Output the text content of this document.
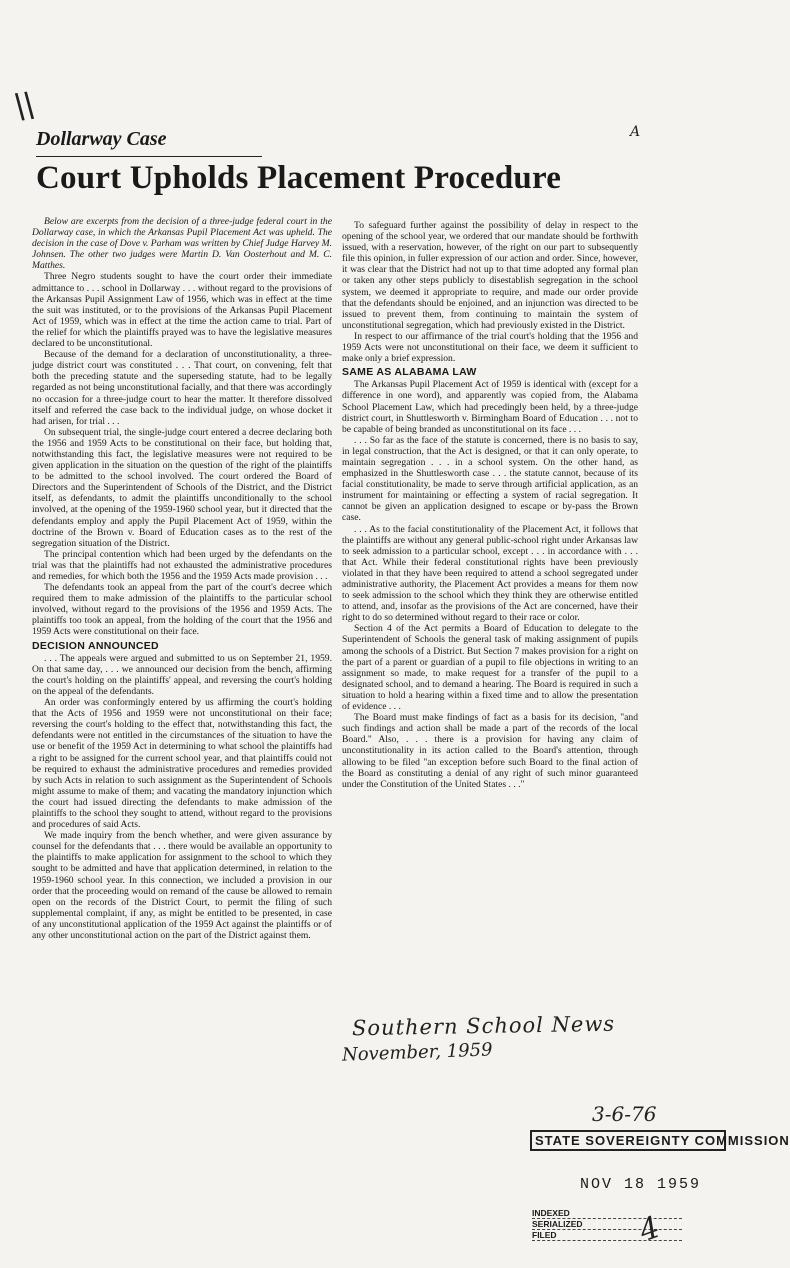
\\
A
Dollarway Case
Court Upholds Placement Procedure

Below are excerpts from the decision of a three-judge federal court in the Dollarway case, in which the Arkansas Pupil Placement Act was upheld. The decision in the case of Dove v. Parham was written by Chief Judge Harvey M. Johnsen. The other two judges were Martin D. Van Oosterhout and M. C. Matthes.

Three Negro students sought to have the court order their immediate admittance to . . . school in Dollarway . . . without regard to the provisions of the Arkansas Pupil Assignment Law of 1956, which was in effect at the time the suit was instituted, or to the provisions of the Arkansas Pupil Placement Act of 1959, which was in effect at the time the action came to trial. Part of the relief for which the plaintiffs prayed was to have the legislative measures declared to be unconstitutional.

Because of the demand for a declaration of unconstitutionality, a three-judge district court was constituted . . . That court, on convening, felt that both the preceding statute and the superseding statute, had to be legally regarded as not being unconstitutional facially, and that there was accordingly no occasion for a three-judge court to hear the matter. It therefore dissolved itself and referred the case back to the individual judge, on whose docket it had arisen, for trial . . .

On subsequent trial, the single-judge court entered a decree declaring both the 1956 and 1959 Acts to be constitutional on their face, but holding that, notwithstanding this fact, the legislative measures were not required to be given application in the situation on the question of the right of the plaintiffs to be admitted to the school involved. The court ordered the Board of Directors and the Superintendent of Schools of the District, and the District itself, as defendants, to admit the plaintiffs unconditionally to the school involved, at the opening of the 1959-1960 school year, but it directed that the defendants employ and apply the Pupil Placement Act of 1959, within the doctrine of the Brown v. Board of Education cases as to the rest of the segregation situation of the District.

The principal contention which had been urged by the defendants on the trial was that the plaintiffs had not exhausted the administrative procedures and remedies, for which both the 1956 and the 1959 Acts made provision . . .

The defendants took an appeal from the part of the court's decree which required them to make admission of the plaintiffs to the particular school involved, without regard to the provisions of the 1956 and 1959 Acts. The plaintiffs too took an appeal, from the holding of the court that the 1956 and 1959 Acts were constitutional on their face.

DECISION ANNOUNCED

. . . The appeals were argued and submitted to us on September 21, 1959. On that same day, . . . we announced our decision from the bench, affirming the court's holding on the plaintiffs' appeal, and reversing the court's holding on the appeal of the defendants.

An order was conformingly entered by us affirming the court's holding that the Acts of 1956 and 1959 were not unconstitutional on their face; reversing the court's holding to the effect that, notwithstanding this fact, the defendants were not entitled in the circumstances of the situation to have the use or benefit of the 1959 Act in determining to what school the plaintiffs had a right to be assigned for the current school year, and that plaintiffs could not be required to exhaust the administrative procedures and remedies provided by such Acts in relation to such assignment as the Superintendent of Schools might assume to make of them; and vacating the mandatory injunction which the court had issued directing the defendants to make admission of the plaintiffs to the school they sought to attend, without regard to the provisions and procedures of said Acts.

We made inquiry from the bench whether, and were given assurance by counsel for the defendants that . . . there would be available an opportunity to the plaintiffs to make application for assignment to the school to which they sought to be admitted and have that application determined, in relation to the 1959-1960 school year. In this connection, we included a provision in our order that the proceeding would on remand of the cause be allowed to remain open on the records of the District Court, to permit the filing of such supplemental complaint, if any, as might be entitled to be presented, in case of any unconstitutional application of the 1959 Act against the plaintiffs or of any other unconstitutional action on the part of the District against them.

To safeguard further against the possibility of delay in respect to the opening of the school year, we ordered that our mandate should be forthwith issued, with a reservation, however, of the right on our part to subsequently file this opinion, in fuller expression of our action and order. Since, however, it was clear that the District had not up to that time adopted any formal plan or taken any other steps publicly to disestablish segregation in the school system, we deemed it appropriate to require, and made our order provide that the defendants should be enjoined, and an injunction was directed to be issued to prevent them, from continuing to maintain the system of unconstitutional segregation, which had previously existed in the District.

In respect to our affirmance of the trial court's holding that the 1956 and 1959 Acts were not unconstitutional on their face, we deem it sufficient to make only a brief expression.

SAME AS ALABAMA LAW

The Arkansas Pupil Placement Act of 1959 is identical with (except for a difference in one word), and apparently was copied from, the Alabama School Placement Law, which had precedingly been held, by a three-judge district court, in Shuttlesworth v. Birmingham Board of Education . . . not to be capable of being branded as unconstitutional on its face . . .

. . . So far as the face of the statute is concerned, there is no basis to say, in legal construction, that the Act is designed, or that it can only operate, to maintain segregation . . . in a school system. On the other hand, as emphasized in the Shuttlesworth case . . . the statute cannot, because of its facial constitutionality, be made to serve through artificial application, as an instrument for maintaining or effecting a system of racial segregation. It cannot be given an application designed to escape or by-pass the Brown case.

. . . As to the facial constitutionality of the Placement Act, it follows that the plaintiffs are without any general public-school right under Arkansas law to seek admission to a particular school, except . . . in accordance with . . . that Act. While their federal constitutional rights have been previously violated in that they have been required to attend a school segregated under administrative authority, the Placement Act provides a means for them now to seek admission to the school which they think they are otherwise entitled to attend, and, insofar as the provisions of the Act are concerned, have their right to do so determined without regard to their race or color.

Section 4 of the Act permits a Board of Education to delegate to the Superintendent of Schools the general task of making assignment of pupils among the schools of a District. But Section 7 makes provision for a right on the part of a parent or guardian of a pupil to file objections in writing to an assignment so made, to make request for a transfer of the pupil to a designated school, and to demand a hearing. The Board is required in such a situation to hold a hearing within a fixed time and to allow the presentation of evidence . . .

The Board must make findings of fact as a basis for its decision, "and such findings and action shall be made a part of the records of the local Board." Also, . . . there is a provision for having any claim of unconstitutionality in its action called to the Board's attention, through allowing to be filed "an exception before such Board to the final action of the Board as constituting a denial of any right of such minor guaranteed under the Constitution of the United States . . ."

Southern School News
November, 1959
3-6-76
STATE SOVEREIGNTY COMMISSION
NOV 18 1959
INDEXED
SERIALIZED
FILED	4
